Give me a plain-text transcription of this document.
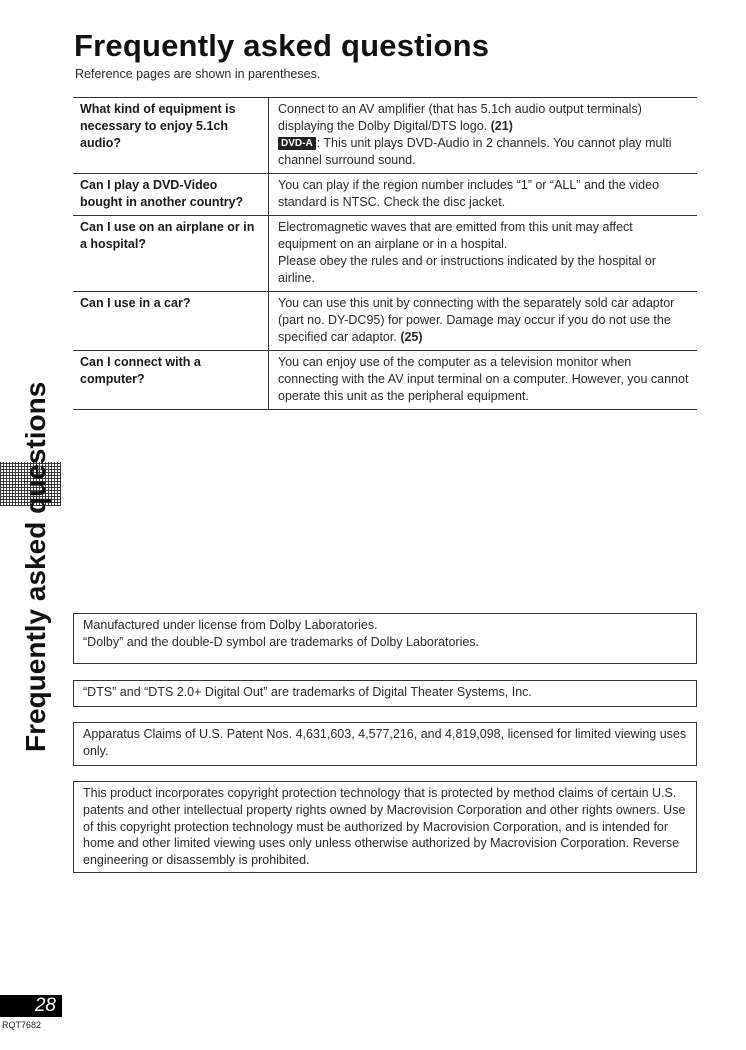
Frequently asked questions
Reference pages are shown in parentheses.
What kind of equipment is necessary to enjoy 5.1ch audio?
Connect to an AV amplifier (that has 5.1ch audio output terminals) displaying the Dolby Digital/DTS logo. (21)
DVD-A : This unit plays DVD-Audio in 2 channels. You cannot play multi channel surround sound.
Can I play a DVD-Video bought in another country?
You can play if the region number includes “1” or “ALL” and the video standard is NTSC. Check the disc jacket.
Can I use on an airplane or in a hospital?
Electromagnetic waves that are emitted from this unit may affect equipment on an airplane or in a hospital.
Please obey the rules and or instructions indicated by the hospital or airline.
Can I use in a car?	You can use this unit by connecting with the separately sold car adaptor (part no. DY-DC95) for power. Damage may occur if you do not use the specified car adaptor. (25)
Can I connect with a computer?
You can enjoy use of the computer as a television monitor when connecting with the AV input terminal on a computer. However, you cannot operate this unit as the peripheral equipment.
Frequently asked questions	Manufactured under license from Dolby Laboratories.
“Dolby” and the double-D symbol are trademarks of Dolby Laboratories.
“DTS” and “DTS 2.0+ Digital Out” are trademarks of Digital Theater Systems, Inc.
Apparatus Claims of U.S. Patent Nos. 4,631,603, 4,577,216, and 4,819,098, licensed for limited viewing uses only.
This product incorporates copyright protection technology that is protected by method claims of certain U.S. patents and other intellectual property rights owned by Macrovision Corporation and other rights owners. Use of this copyright protection technology must be authorized by Macrovision Corporation, and is intended for home and other limited viewing uses only unless otherwise authorized by Macrovision Corporation. Reverse engineering or disassembly is prohibited.
28
RQT7682
